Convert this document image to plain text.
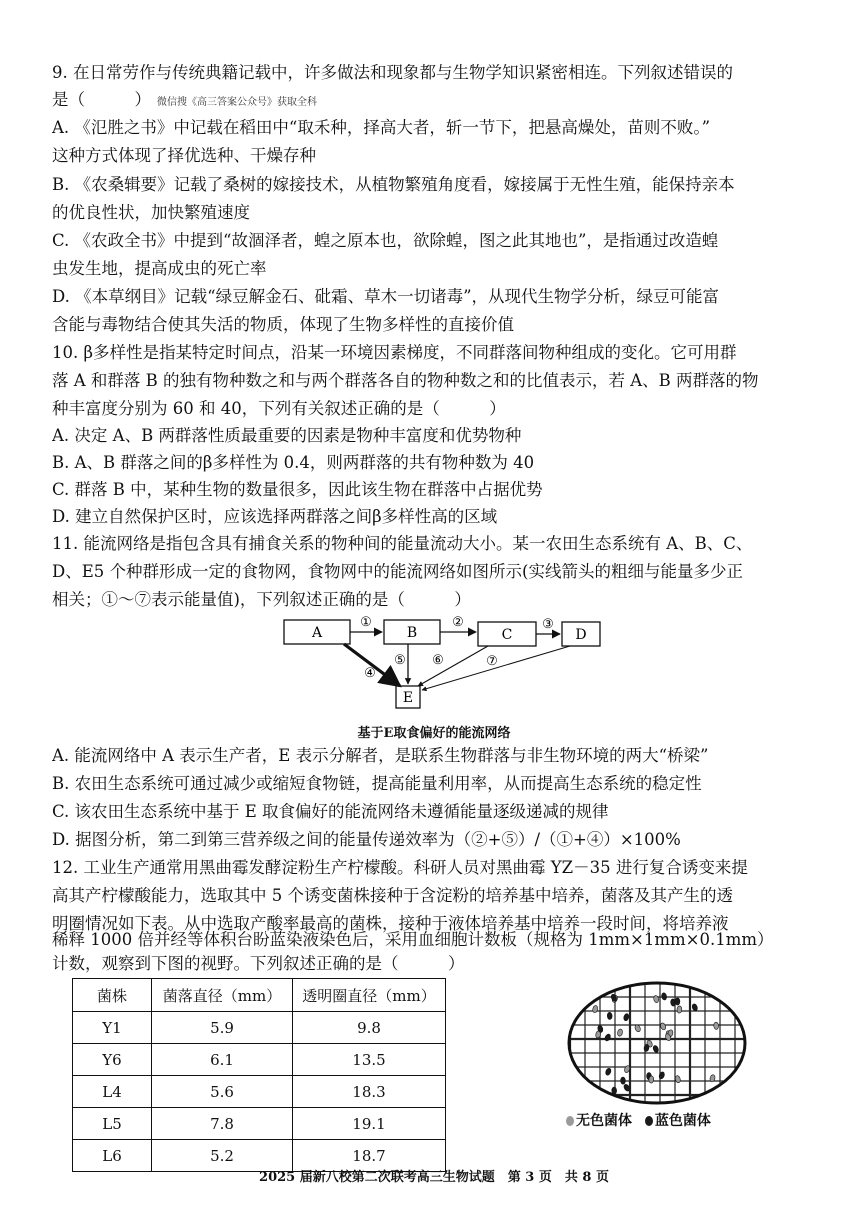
9. 在日常劳作与传统典籍记载中，许多做法和现象都与生物学知识紧密相连。下列叙述错误的
是（　　　） 微信搜《高三答案公众号》获取全科
A. 《氾胜之书》中记载在稻田中“取禾种，择高大者，斩一节下，把悬高燥处，苗则不败。”
这种方式体现了择优选种、干燥存种
B. 《农桑辑要》记载了桑树的嫁接技术，从植物繁殖角度看，嫁接属于无性生殖，能保持亲本
的优良性状，加快繁殖速度
C. 《农政全书》中提到“故涸泽者，蝗之原本也，欲除蝗，图之此其地也”，是指通过改造蝗
虫发生地，提高成虫的死亡率
D. 《本草纲目》记载“绿豆解金石、砒霜、草木一切诸毒”，从现代生物学分析，绿豆可能富
含能与毒物结合使其失活的物质，体现了生物多样性的直接价值
10. β多样性是指某特定时间点，沿某一环境因素梯度，不同群落间物种组成的变化。它可用群
落 A 和群落 B 的独有物种数之和与两个群落各自的物种数之和的比值表示，若 A、B 两群落的物
种丰富度分别为 60 和 40，下列有关叙述正确的是（　　　）
A. 决定 A、B 两群落性质最重要的因素是物种丰富度和优势物种
B. A、B 群落之间的β多样性为 0.4，则两群落的共有物种数为 40
C. 群落 B 中，某种生物的数量很多，因此该生物在群落中占据优势
D. 建立自然保护区时，应该选择两群落之间β多样性高的区域
11. 能流网络是指包含具有捕食关系的物种间的能量流动大小。某一农田生态系统有 A、B、C、
D、E5 个种群形成一定的食物网，食物网中的能流网络如图所示(实线箭头的粗细与能量多少正
相关；①～⑦表示能量值)，下列叙述正确的是（　　　）
A	B	C	D
E
①	②	③
④
⑤ ⑥	⑦
基于E取食偏好的能流网络
A. 能流网络中 A 表示生产者，E 表示分解者，是联系生物群落与非生物环境的两大“桥梁”
B. 农田生态系统可通过减少或缩短食物链，提高能量利用率，从而提高生态系统的稳定性
C. 该农田生态系统中基于 E 取食偏好的能流网络未遵循能量逐级递减的规律
D. 据图分析，第二到第三营养级之间的能量传递效率为（②+⑤）/（①+④）×100%
12. 工业生产通常用黑曲霉发酵淀粉生产柠檬酸。科研人员对黑曲霉 YZ－35 进行复合诱变来提
高其产柠檬酸能力，选取其中 5 个诱变菌株接种于含淀粉的培养基中培养，菌落及其产生的透
明圈情况如下表。从中选取产酸率最高的菌株，接种于液体培养基中培养一段时间，将培养液
稀释 1000 倍并经等体积台盼蓝染液染色后，采用血细胞计数板（规格为 1mm×1mm×0.1mm）
计数，观察到下图的视野。下列叙述正确的是（　　　）
菌株	菌落直径（mm）	透明圈直径（mm）
Y1	5.9	9.8
Y6	6.1	13.5
L4	5.6	18.3
L5	7.8	19.1
L6	5.2	18.7
无色菌体 蓝色菌体
2025 届新八校第二次联考高三生物试题　第 3 页　共 8 页
